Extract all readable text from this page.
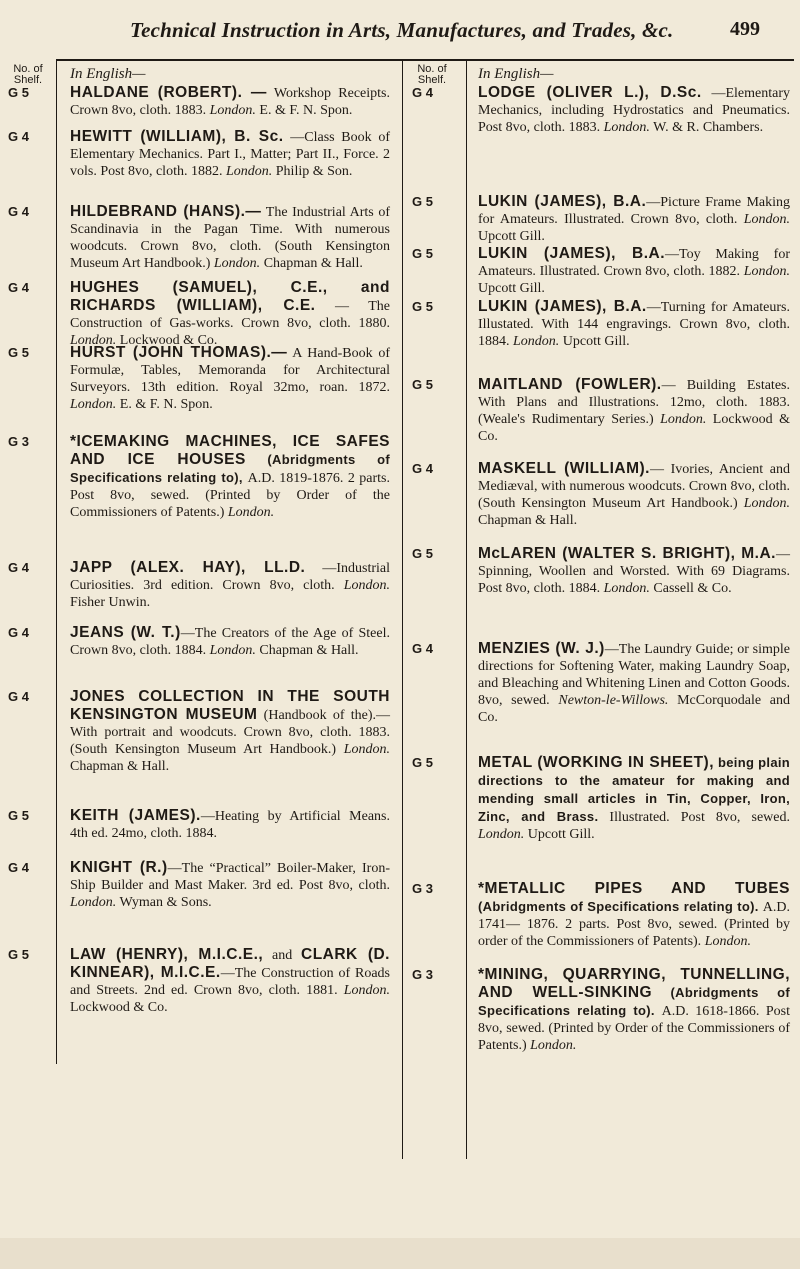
Technical Instruction in Arts, Manufactures, and Trades, &c.	499
No. of
Shelf.
No. of
Shelf.
In English—	In English—
G 5	HALDANE (ROBERT). — Workshop Receipts. Crown 8vo, cloth. 1883. London. E. & F. N. Spon.
G 4	HEWITT (WILLIAM), B. Sc. —Class Book of Elementary Mechanics. Part I., Matter; Part II., Force. 2 vols. Post 8vo, cloth. 1882. London. Philip & Son.
G 4	HILDEBRAND (HANS).— The Industrial Arts of Scandinavia in the Pagan Time. With numerous woodcuts. Crown 8vo, cloth. (South Kensington Museum Art Handbook.) London. Chapman & Hall.
G 4	HUGHES (SAMUEL), C.E., and RICHARDS (WILLIAM), C.E. — The Construction of Gas-works. Crown 8vo, cloth. 1880. London. Lockwood & Co.
G 5	HURST (JOHN THOMAS).— A Hand-Book of Formulæ, Tables, Memoranda for Architectural Surveyors. 13th edition. Royal 32mo, roan. 1872. London. E. & F. N. Spon.
G 3	*ICEMAKING MACHINES, ICE SAFES AND ICE HOUSES (Abridgments of Specifications relating to), A.D. 1819-1876. 2 parts. Post 8vo, sewed. (Printed by Order of the Commissioners of Patents.) London.
G 4	JAPP (ALEX. HAY), LL.D. —Industrial Curiosities. 3rd edition. Crown 8vo, cloth. London. Fisher Unwin.
G 4	JEANS (W. T.)—The Creators of the Age of Steel. Crown 8vo, cloth. 1884. London. Chapman & Hall.
G 4	JONES COLLECTION IN THE SOUTH KENSINGTON MUSEUM (Handbook of the).— With portrait and woodcuts. Crown 8vo, cloth. 1883. (South Kensington Museum Art Handbook.) London. Chapman & Hall.
G 5	KEITH (JAMES).—Heating by Artificial Means. 4th ed. 24mo, cloth. 1884.
G 4	KNIGHT (R.)—The “Practical” Boiler-Maker, Iron-Ship Builder and Mast Maker. 3rd ed. Post 8vo, cloth. London. Wyman & Sons.
G 5	LAW (HENRY), M.I.C.E., and CLARK (D. KINNEAR), M.I.C.E.—The Construction of Roads and Streets. 2nd ed. Crown 8vo, cloth. 1881. London. Lockwood & Co.
G 4	LODGE (OLIVER L.), D.Sc. —Elementary Mechanics, including Hydrostatics and Pneumatics. Post 8vo, cloth. 1883. London. W. & R. Chambers.
G 5	LUKIN (JAMES), B.A.—Picture Frame Making for Amateurs. Illustrated. Crown 8vo, cloth. London. Upcott Gill.
G 5	LUKIN (JAMES), B.A.—Toy Making for Amateurs. Illustrated. Crown 8vo, cloth. 1882. London. Upcott Gill.
G 5	LUKIN (JAMES), B.A.—Turning for Amateurs. Illustated. With 144 engravings. Crown 8vo, cloth. 1884. London. Upcott Gill.
G 5	MAITLAND (FOWLER).— Building Estates. With Plans and Illustrations. 12mo, cloth. 1883. (Weale's Rudimentary Series.) London. Lockwood & Co.
G 4	MASKELL (WILLIAM).— Ivories, Ancient and Mediæval, with numerous woodcuts. Crown 8vo, cloth. (South Kensington Museum Art Handbook.) London. Chapman & Hall.
G 5	McLAREN (WALTER S. BRIGHT), M.A.—Spinning, Woollen and Worsted. With 69 Diagrams. Post 8vo, cloth. 1884. London. Cassell & Co.
G 4	MENZIES (W. J.)—The Laundry Guide; or simple directions for Softening Water, making Laundry Soap, and Bleaching and Whitening Linen and Cotton Goods. 8vo, sewed. Newton-le-Willows. McCorquodale and Co.
G 5	METAL (WORKING IN SHEET), being plain directions to the amateur for making and mending small articles in Tin, Copper, Iron, Zinc, and Brass. Illustrated. Post 8vo, sewed. London. Upcott Gill.
G 3	*METALLIC PIPES AND TUBES (Abridgments of Specifications relating to). A.D. 1741— 1876. 2 parts. Post 8vo, sewed. (Printed by order of the Commissioners of Patents). London.
G 3	*MINING, QUARRYING, TUNNELLING, AND WELL-SINKING (Abridgments of Specifications relating to). A.D. 1618-1866. Post 8vo, sewed. (Printed by Order of the Commissioners of Patents.) London.
